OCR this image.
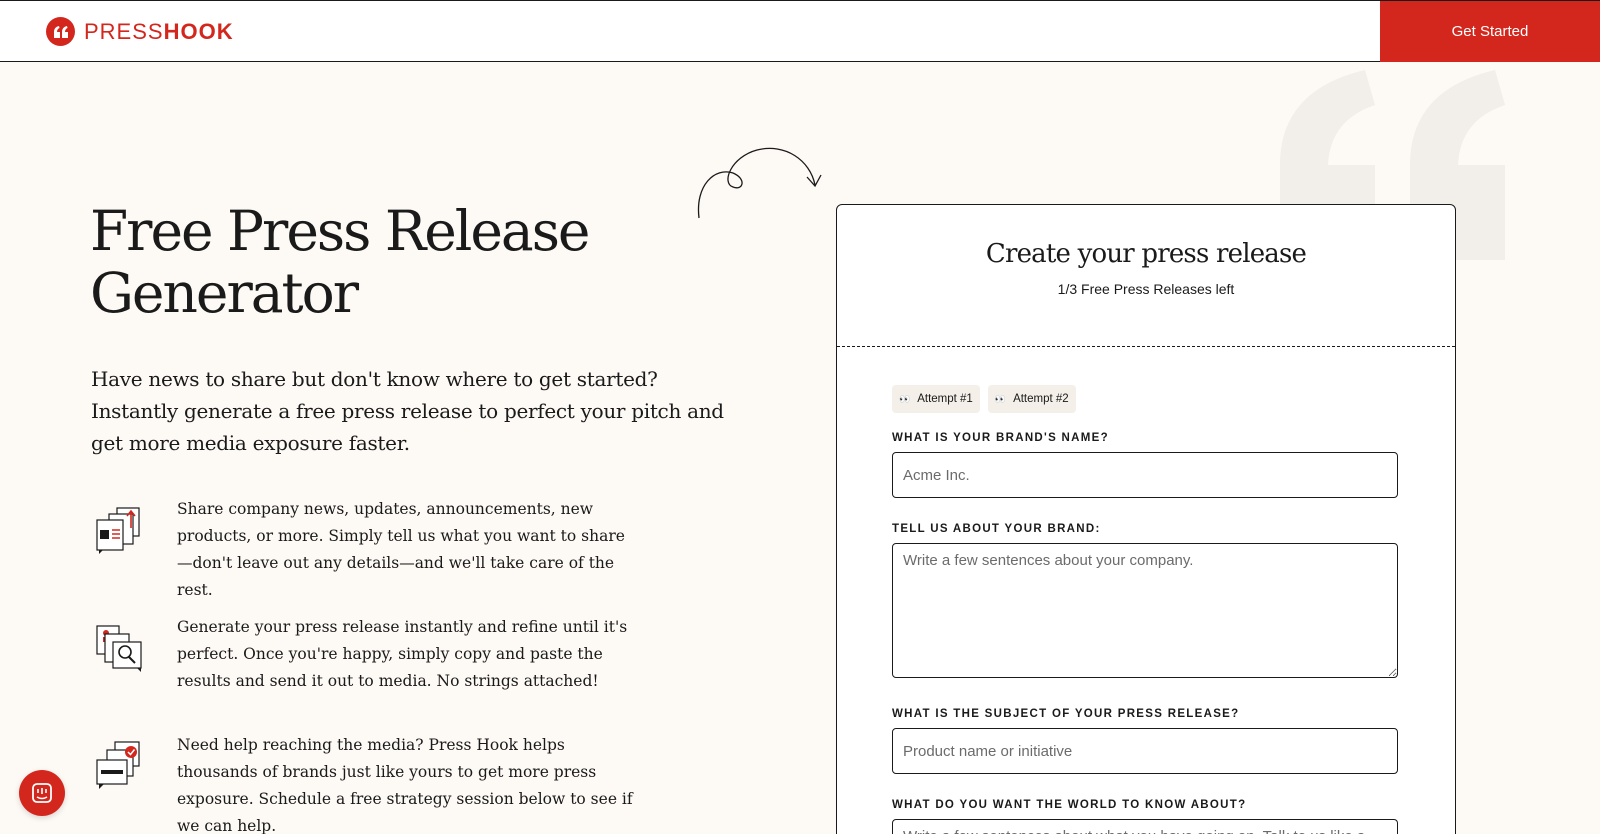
PRESSHOOK	Get Started
Free Press Release
Generator

Have news to share but don't know where to get started? Instantly generate a free press release to perfect your pitch and get more media exposure faster.

Share company news, updates, announcements, new products, or more. Simply tell us what you want to share—don't leave out any details—and we'll take care of the rest.

Generate your press release instantly and refine until it's perfect. Once you're happy, simply copy and paste the results and send it out to media. No strings attached!

Need help reaching the media? Press Hook helps thousands of brands just like yours to get more press exposure. Schedule a free strategy session below to see if we can help.

Create your press release
1/3 Free Press Releases left
👀 Attempt #1 👀 Attempt #2
WHAT IS YOUR BRAND'S NAME?
Acme Inc.
TELL US ABOUT YOUR BRAND:
Write a few sentences about your company.
WHAT IS THE SUBJECT OF YOUR PRESS RELEASE?
Product name or initiative
WHAT DO YOU WANT THE WORLD TO KNOW ABOUT?
Write a few sentences about what you have going on. Talk to us like a
